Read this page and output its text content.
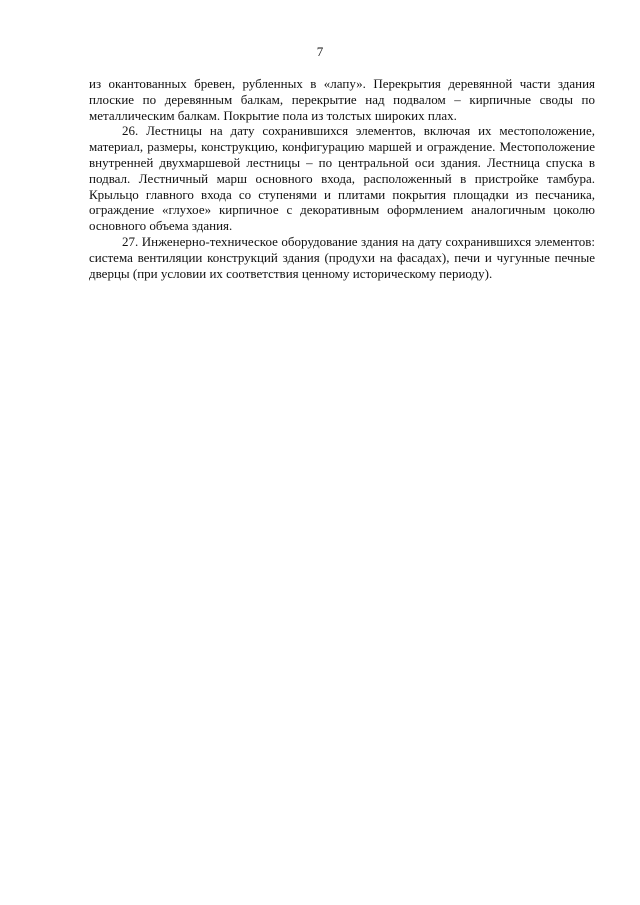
7

из окантованных бревен, рубленных в «лапу». Перекрытия деревянной части здания плоские по деревянным балкам, перекрытие над подвалом – кирпичные своды по металлическим балкам. Покрытие пола из толстых широких плах.

26. Лестницы на дату сохранившихся элементов, включая их местоположение, материал, размеры, конструкцию, конфигурацию маршей и ограждение. Местоположение внутренней двухмаршевой лестницы – по центральной оси здания. Лестница спуска в подвал. Лестничный марш основного входа, расположенный в пристройке тамбура. Крыльцо главного входа со ступенями и плитами покрытия площадки из песчаника, ограждение «глухое» кирпичное с декоративным оформлением аналогичным цоколю основного объема здания.

27. Инженерно-техническое оборудование здания на дату сохранившихся элементов: система вентиляции конструкций здания (продухи на фасадах), печи и чугунные печные дверцы (при условии их соответствия ценному историческому периоду).
